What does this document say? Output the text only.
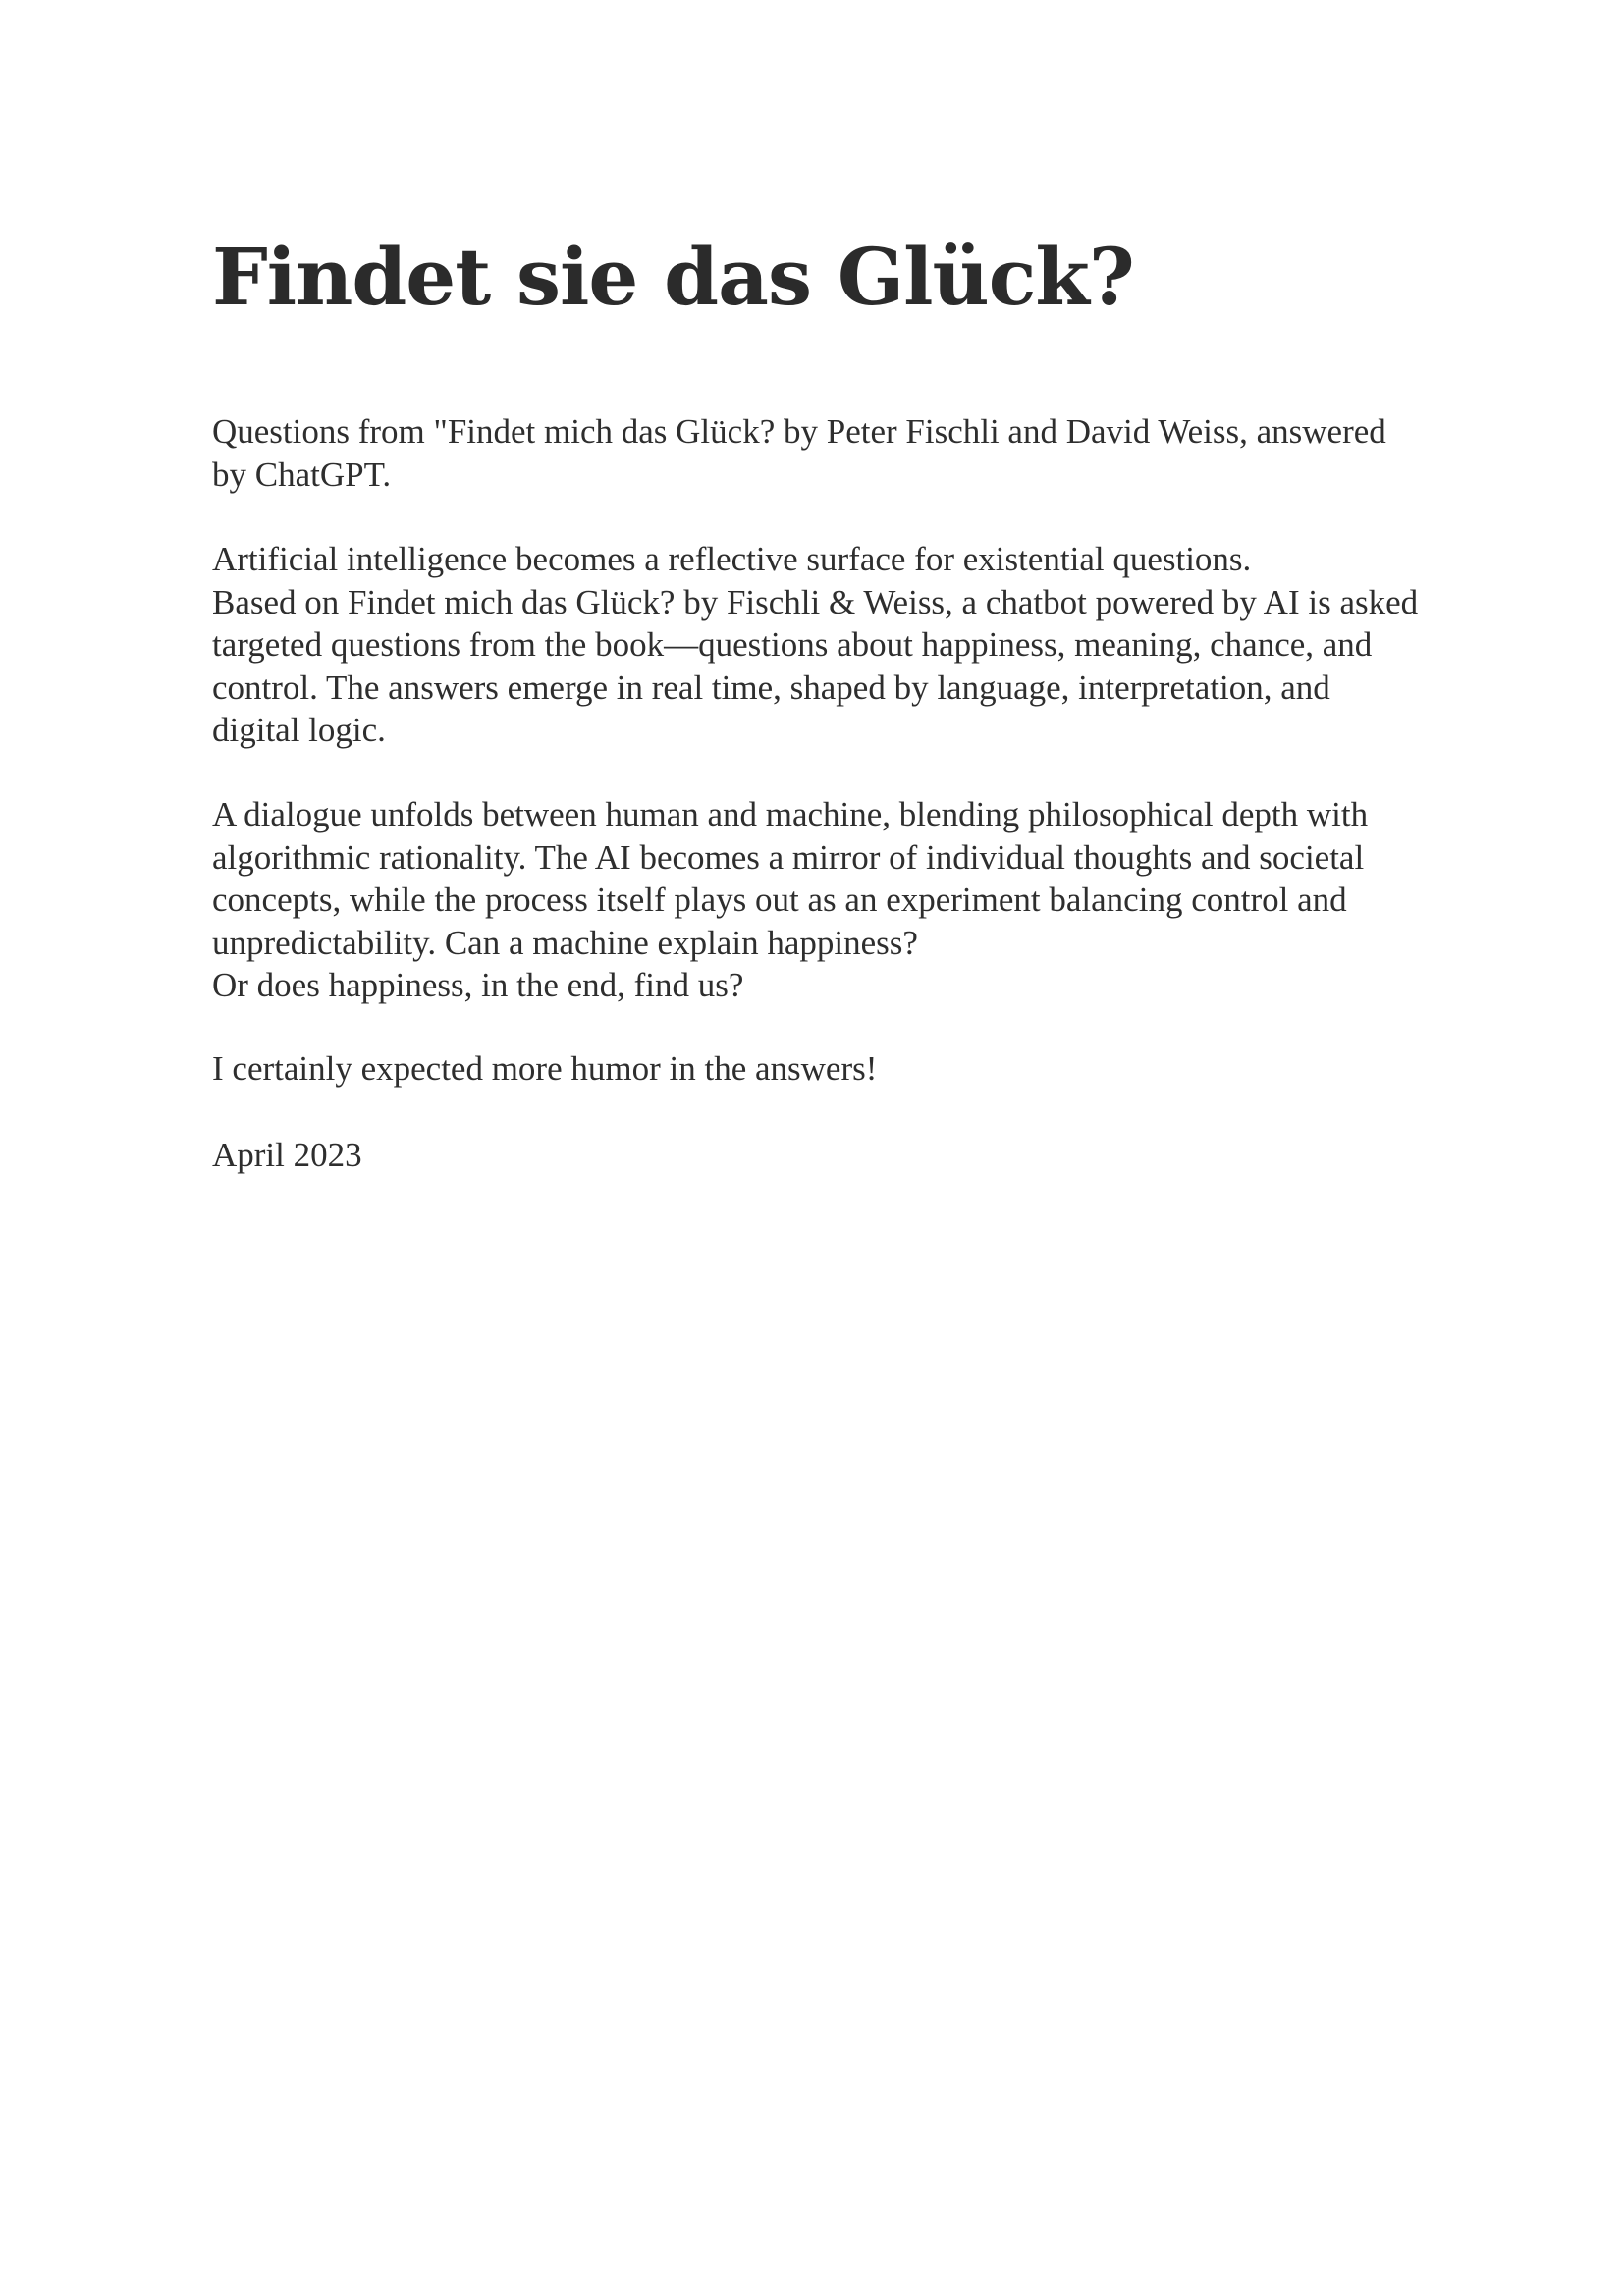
Findet sie das Glück?

Questions from "Findet mich das Glück? by Peter Fischli and David Weiss, answered
by ChatGPT.

Artificial intelligence becomes a reflective surface for existential questions.
Based on Findet mich das Glück? by Fischli & Weiss, a chatbot powered by AI is asked
targeted questions from the book—questions about happiness, meaning, chance, and
control. The answers emerge in real time, shaped by language, interpretation, and
digital logic.

A dialogue unfolds between human and machine, blending philosophical depth with
algorithmic rationality. The AI becomes a mirror of individual thoughts and societal
concepts, while the process itself plays out as an experiment balancing control and
unpredictability. Can a machine explain happiness?
Or does happiness, in the end, find us?

I certainly expected more humor in the answers!

April 2023
